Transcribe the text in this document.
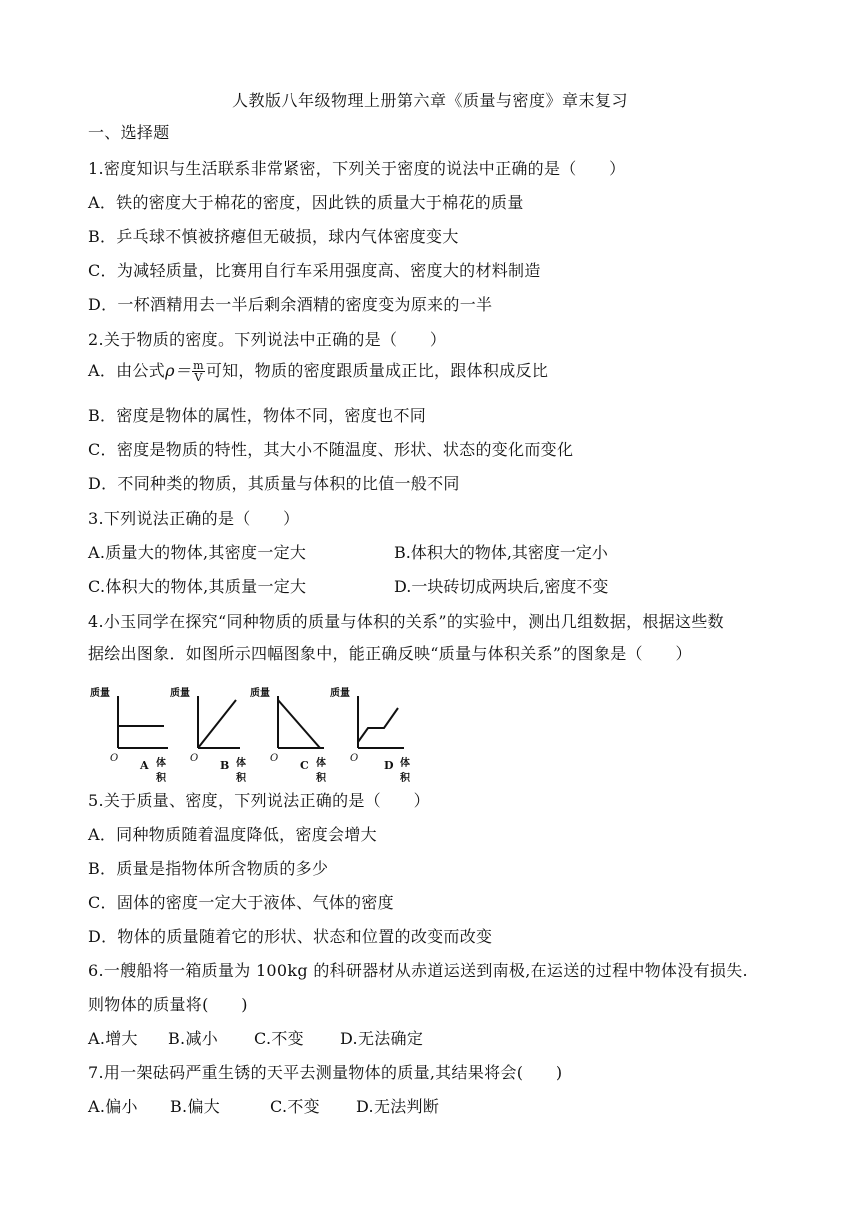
人教版八年级物理上册第六章《质量与密度》章末复习
一、选择题
1.密度知识与生活联系非常紧密，下列关于密度的说法中正确的是（　　）
A．铁的密度大于棉花的密度，因此铁的质量大于棉花的质量
B．乒乓球不慎被挤瘪但无破损，球内气体密度变大
C．为减轻质量，比赛用自行车采用强度高、密度大的材料制造
D．一杯酒精用去一半后剩余酒精的密度变为原来的一半
2.关于物质的密度。下列说法中正确的是（　　）
A．由公式$\rho= \frac{m}{V}$ 可知，物质的密度跟质量成正比，跟体积成反比
B．密度是物体的属性，物体不同，密度也不同
C．密度是物质的特性，其大小不随温度、形状、状态的变化而变化
D．不同种类的物质，其质量与体积的比值一般不同
3.下列说法正确的是（　　）
A.质量大的物体,其密度一定大	B.体积大的物体,其密度一定小
C.体积大的物体,其质量一定大	D.一块砖切成两块后,密度不变
4.小玉同学在探究“同种物质的质量与体积的关系”的实验中，测出几组数据，根据这些数
据绘出图象．如图所示四幅图象中，能正确反映“质量与体积关系”的图象是（　　）
质量
O
A 体积
质量
O
B 体积
质量
O
C 体积
质量
O
D 体积
5.关于质量、密度，下列说法正确的是（　　）
A．同种物质随着温度降低，密度会增大
B．质量是指物体所含物质的多少
C．固体的密度一定大于液体、气体的密度
D．物体的质量随着它的形状、状态和位置的改变而改变
6.一艘船将一箱质量为 100kg 的科研器材从赤道运送到南极,在运送的过程中物体没有损失.
则物体的质量将(　　)
A.增大 B.减小 C.不变 D.无法确定
7.用一架砝码严重生锈的天平去测量物体的质量,其结果将会(　　)
A.偏小 B.偏大	C.不变 D.无法判断
